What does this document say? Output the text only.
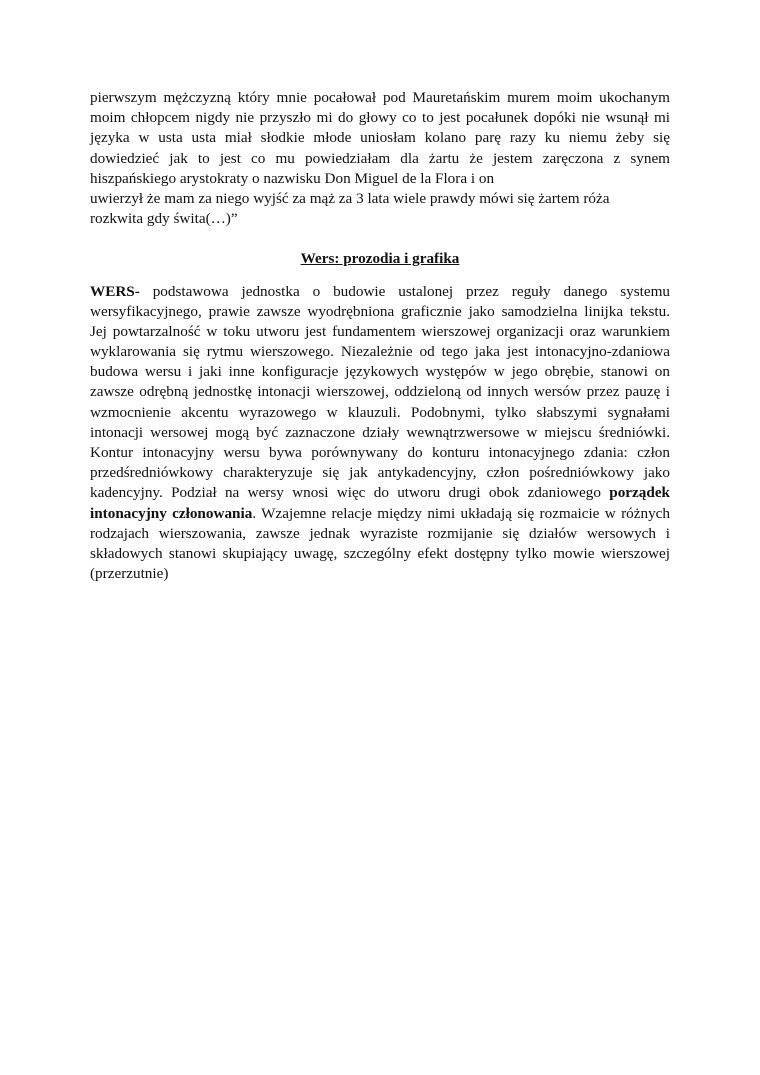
pierwszym mężczyzną który mnie pocałował pod Mauretańskim murem moim ukochanym
moim chłopcem nigdy nie przyszło mi do głowy co to jest pocałunek dopóki nie wsunął mi
języka w usta usta miał słodkie młode uniosłam kolano parę razy ku niemu żeby się
dowiedzieć jak to jest co mu powiedziałam dla żartu że jestem zaręczona z synem
hiszpańskiego arystokraty o nazwisku Don Miguel de la Flora i on
uwierzył że mam za niego wyjść za mąż za 3 lata wiele prawdy mówi się żartem róża
rozkwita gdy świta(…)”
Wers: prozodia i grafika
WERS- podstawowa jednostka o budowie ustalonej przez reguły danego systemu
wersyfikacyjnego, prawie zawsze wyodrębniona graficznie jako samodzielna linijka tekstu.
Jej powtarzalność w toku utworu jest fundamentem wierszowej organizacji oraz warunkiem
wyklarowania się rytmu wierszowego. Niezależnie od tego jaka jest intonacyjno-zdaniowa
budowa wersu i jaki inne konfiguracje językowych występów w jego obrębie, stanowi on
zawsze odrębną jednostkę intonacji wierszowej, oddzieloną od innych wersów przez pauzę i
wzmocnienie akcentu wyrazowego w klauzuli. Podobnymi, tylko słabszymi sygnałami
intonacji wersowej mogą być zaznaczone działy wewnątrzwersowe w miejscu średniówki.
Kontur intonacyjny wersu bywa porównywany do konturu intonacyjnego zdania: człon
przedśredniówkowy charakteryzuje się jak antykadencyjny, człon pośredniówkowy jako
kadencyjny. Podział na wersy wnosi więc do utworu drugi obok zdaniowego porządek
intonacyjny członowania. Wzajemne relacje między nimi układają się rozmaicie w różnych
rodzajach wierszowania, zawsze jednak wyraziste rozmijanie się działów wersowych i
składowych stanowi skupiający uwagę, szczególny efekt dostępny tylko mowie wierszowej
(przerzutnie)
